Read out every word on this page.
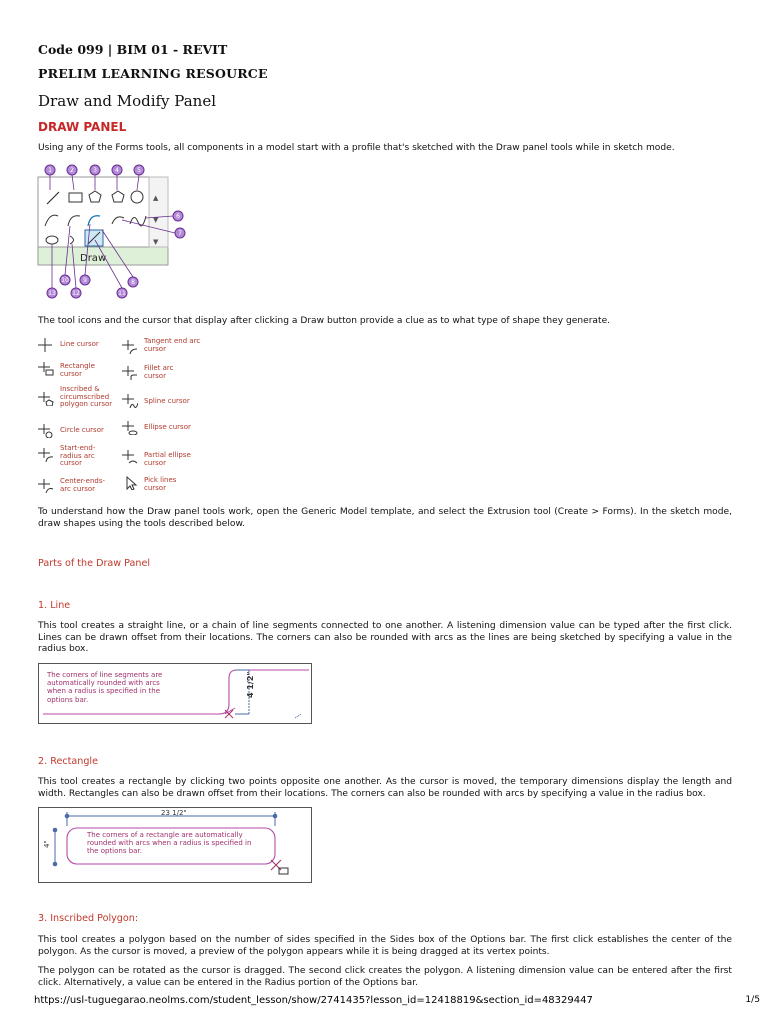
Code 099 | BIM 01 - REVIT
PRELIM LEARNING RESOURCE
Draw and Modify Panel
DRAW PANEL
Using any of the Forms tools, all components in a model start with a profile that's sketched with the Draw panel tools while in sketch mode.
▲
▼
▼
Draw
1	2	3	4	5
6
7
8
9
10
11
12
13
The tool icons and the cursor that display after clicking a Draw button provide a clue as to what type of shape they generate.
Line cursor
Rectangle cursor
Inscribed & circumscribed polygon cursor
Circle cursor
Start-end-radius arc cursor
Center-ends-arc cursor
Tangent end arc cursor
Fillet arc cursor
Spline cursor
Ellipse cursor
Partial ellipse cursor
Pick lines cursor
To understand how the Draw panel tools work, open the Generic Model template, and select the Extrusion tool (Create > Forms). In the sketch mode, draw shapes using the tools described below.
Parts of the Draw Panel
1. Line
This tool creates a straight line, or a chain of line segments connected to one another. A listening dimension value can be typed after the first click. Lines can be drawn offset from their locations. The corners can also be rounded with arcs as the lines are being sketched by specifying a value in the radius box.
4 1/2"
The corners of line segments are automatically rounded with arcs when a radius is specified in the options bar.
2. Rectangle
This tool creates a rectangle by clicking two points opposite one another. As the cursor is moved, the temporary dimensions display the length and width. Rectangles can also be drawn offset from their locations. The corners can also be rounded with arcs by specifying a value in the radius box.
23 1/2"
4"
The corners of a rectangle are automatically rounded with arcs when a radius is specified in the options bar.
3. Inscribed Polygon:
This tool creates a polygon based on the number of sides specified in the Sides box of the Options bar. The first click establishes the center of the polygon. As the cursor is moved, a preview of the polygon appears while it is being dragged at its vertex points.
The polygon can be rotated as the cursor is dragged. The second click creates the polygon. A listening dimension value can be entered after the first click. Alternatively, a value can be entered in the Radius portion of the Options bar.
https://usl-tuguegarao.neolms.com/student_lesson/show/2741435?lesson_id=12418819&section_id=48329447	1/5
